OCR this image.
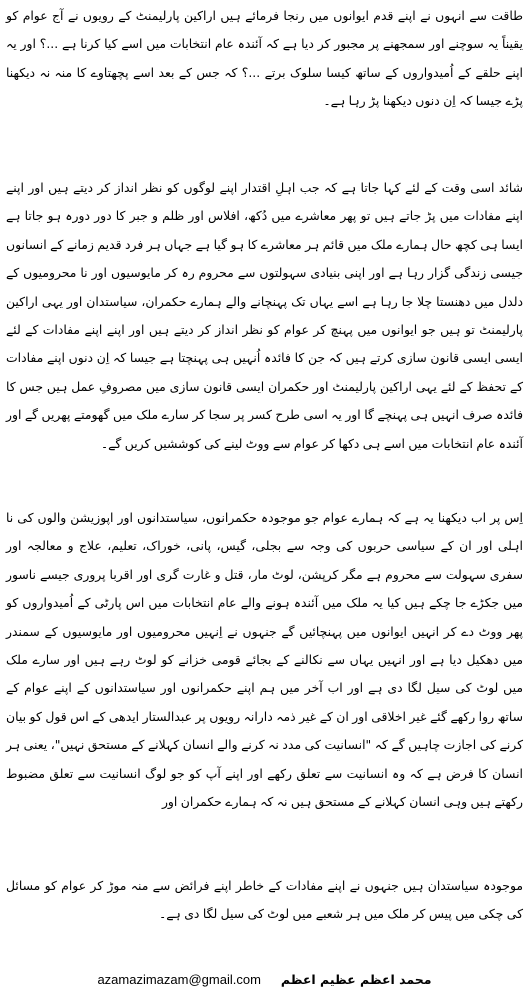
طاقت سے انہوں نے اپنے قدم ایوانوں میں رنجا فرمائے ہیں اراکین پارلیمنٹ کے رویوں نے آج عوام کو یقیناً یہ سوچنے اور سمجھنے پر مجبور کر دیا ہے کہ آئندہ عام انتخابات میں اسے کیا کرنا ہے ...؟ اور یہ اپنے حلقے کے اُمیدواروں کے ساتھ کیسا سلوک برتے ...؟ کہ جس کے بعد اسے پچھتاوے کا منہ نہ دیکھنا پڑے جیسا کہ اِن دنوں دیکھنا پڑ رہا ہے۔

شائد اسی وقت کے لئے کہا جاتا ہے کہ جب اہلِ اقتدار اپنے لوگوں کو نظر انداز کر دیتے ہیں اور اپنے اپنے مفادات میں پڑ جاتے ہیں تو پھر معاشرے میں دُکھ، افلاس اور ظلم و جبر کا دور دورہ ہو جاتا ہے ایسا ہی کچھ حال ہمارے ملک میں قائم ہر معاشرے کا ہو گیا ہے جہاں ہر فرد قدیم زمانے کے انسانوں جیسی زندگی گزار رہا ہے اور اپنی بنیادی سہولتوں سے محروم رہ کر مایوسیوں اور نا محرومیوں کے دلدل میں دھنستا چلا جا رہا ہے اسے یہاں تک پہنچانے والے ہمارے حکمران، سیاستدان اور یہی اراکین پارلیمنٹ تو ہیں جو ایوانوں میں پہنچ کر عوام کو نظر انداز کر دیتے ہیں اور اپنے اپنے مفادات کے لئے ایسی ایسی قانون سازی کرتے ہیں کہ جن کا فائدہ اُنہیں ہی پہنچتا ہے جیسا کہ اِن دنوں اپنے مفادات کے تحفظ کے لئے یہی اراکین پارلیمنٹ اور حکمران ایسی قانون سازی میں مصروفِ عمل ہیں جس کا فائدہ صرف انہیں ہی پہنچے گا اور یہ اسی طرح کسر پر سجا کر سارے ملک میں گھومتے پھریں گے اور آئندہ عام انتخابات میں اسے ہی دکھا کر عوام سے ووٹ لینے کی کوششیں کریں گے۔

اِس پر اب دیکھنا یہ ہے کہ ہمارے عوام جو موجودہ حکمرانوں، سیاستدانوں اور اپوزیشن والوں کی نا اہلی اور ان کے سیاسی حربوں کی وجہ سے بجلی، گیس، پانی، خوراک، تعلیم، علاج و معالجہ اور سفری سہولت سے محروم ہے مگر کرپشن، لوٹ مار، قتل و غارت گری اور اقربا پروری جیسے ناسور میں جکڑے جا چکے ہیں کیا یہ ملک میں آئندہ ہونے والے عام انتخابات میں اس پارٹی کے اُمیدواروں کو پھر ووٹ دے کر انہیں ایوانوں میں پہنچائیں گے جنہوں نے اِنہیں محرومیوں اور مایوسیوں کے سمندر میں دھکیل دیا ہے اور انہیں یہاں سے نکالنے کے بجائے قومی خزانے کو لوٹ رہے ہیں اور سارے ملک میں لوٹ کی سیل لگا دی ہے اور اب آخر میں ہم اپنے حکمرانوں اور سیاستدانوں کے اپنے عوام کے ساتھ روا رکھے گئے غیر اخلاقی اور ان کے غیر ذمہ دارانہ رویوں پر عبدالستار ایدھی کے اس قول کو بیان کرنے کی اجازت چاہیں گے کہ "انسانیت کی مدد نہ کرنے والے انسان کہلانے کے مستحق نہیں"، یعنی ہر انسان کا فرض ہے کہ وہ انسانیت سے تعلق رکھے اور اپنے آپ کو جو لوگ انسانیت سے تعلق مضبوط رکھتے ہیں وہی انسان کہلانے کے مستحق ہیں نہ کہ ہمارے حکمران اور

موجودہ سیاستدان ہیں جنہوں نے اپنے مفادات کے خاطر اپنے فرائض سے منہ موڑ کر عوام کو مسائل کی چکی میں پیس کر ملک میں ہر شعبے میں لوٹ کی سیل لگا دی ہے۔

azamazimazam@gmail.com محمد اعظم عظیم اعظم
